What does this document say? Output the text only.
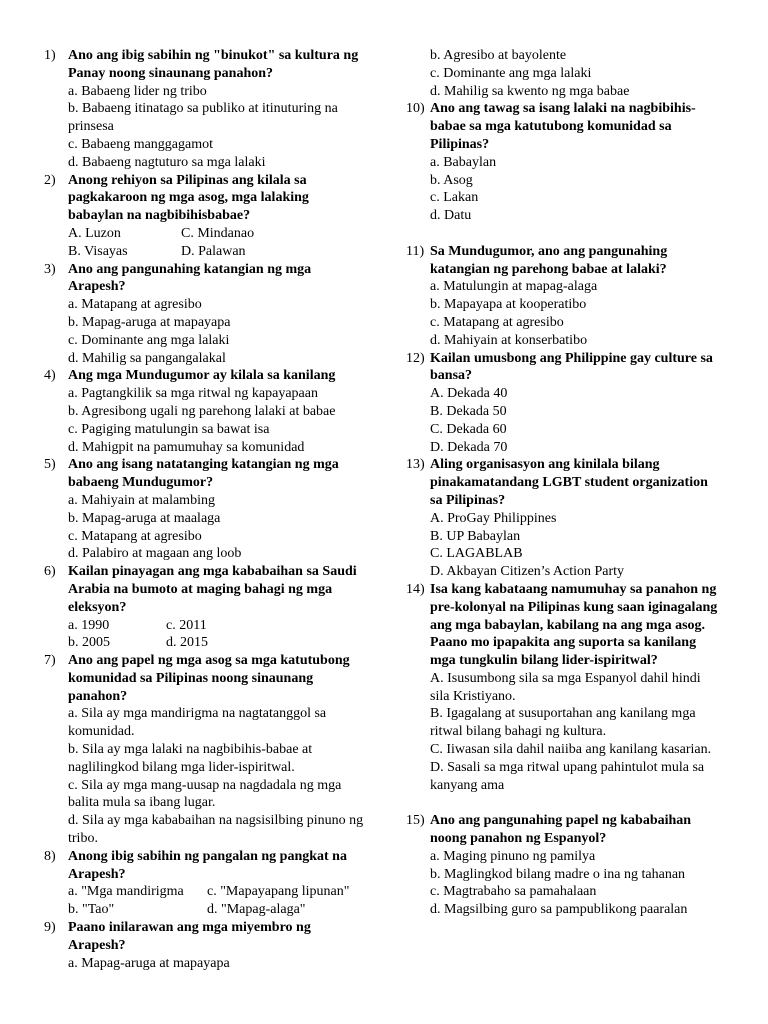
1) Ano ang ibig sabihin ng "binukot" sa kultura ng Panay noong sinaunang panahon?
a. Babaeng lider ng tribo
b. Babaeng itinatago sa publiko at itinuturing na prinsesa
c. Babaeng manggagamot
d. Babaeng nagtuturo sa mga lalaki
2) Anong rehiyon sa Pilipinas ang kilala sa pagkakaroon ng mga asog, mga lalaking babaylan na nagbibihisbabae?
A. Luzon	C. Mindanao
B. Visayas	D. Palawan
3) Ano ang pangunahing katangian ng mga Arapesh?
a. Matapang at agresibo
b. Mapag-aruga at mapayapa
c. Dominante ang mga lalaki
d. Mahilig sa pangangalakal
4) Ang mga Mundugumor ay kilala sa kanilang
a. Pagtangkilik sa mga ritwal ng kapayapaan
b. Agresibong ugali ng parehong lalaki at babae
c. Pagiging matulungin sa bawat isa
d. Mahigpit na pamumuhay sa komunidad
5) Ano ang isang natatanging katangian ng mga babaeng Mundugumor?
a. Mahiyain at malambing
b. Mapag-aruga at maalaga
c. Matapang at agresibo
d. Palabiro at magaan ang loob
6) Kailan pinayagan ang mga kababaihan sa Saudi Arabia na bumoto at maging bahagi ng mga eleksyon?
a. 1990	c. 2011
b. 2005	d. 2015
7) Ano ang papel ng mga asog sa mga katutubong komunidad sa Pilipinas noong sinaunang panahon?
a. Sila ay mga mandirigma na nagtatanggol sa komunidad.
b. Sila ay mga lalaki na nagbibihis-babae at naglilingkod bilang mga lider-ispiritwal.
c. Sila ay mga mang-uusap na nagdadala ng mga balita mula sa ibang lugar.
d. Sila ay mga kababaihan na nagsisilbing pinuno ng tribo.
8) Anong ibig sabihin ng pangalan ng pangkat na Arapesh?
a. "Mga mandirigma	c. "Mapayapang lipunan"
b. "Tao"	d. "Mapag-alaga"
9) Paano inilarawan ang mga miyembro ng Arapesh?
a. Mapag-aruga at mapayapa
b. Agresibo at bayolente
c. Dominante ang mga lalaki
d. Mahilig sa kwento ng mga babae
10) Ano ang tawag sa isang lalaki na nagbibihis-babae sa mga katutubong komunidad sa Pilipinas?
a. Babaylan
b. Asog
c. Lakan
d. Datu
11) Sa Mundugumor, ano ang pangunahing katangian ng parehong babae at lalaki?
a. Matulungin at mapag-alaga
b. Mapayapa at kooperatibo
c. Matapang at agresibo
d. Mahiyain at konserbatibo
12) Kailan umusbong ang Philippine gay culture sa bansa?
A. Dekada 40
B. Dekada 50
C. Dekada 60
D. Dekada 70
13) Aling organisasyon ang kinilala bilang pinakamatandang LGBT student organization sa Pilipinas?
A. ProGay Philippines
B. UP Babaylan
C. LAGABLAB
D. Akbayan Citizen’s Action Party
14) Isa kang kabataang namumuhay sa panahon ng pre-kolonyal na Pilipinas kung saan iginagalang ang mga babaylan, kabilang na ang mga asog. Paano mo ipapakita ang suporta sa kanilang mga tungkulin bilang lider-ispiritwal?
A. Isusumbong sila sa mga Espanyol dahil hindi sila Kristiyano.
B. Igagalang at susuportahan ang kanilang mga ritwal bilang bahagi ng kultura.
C. Iiwasan sila dahil naiiba ang kanilang kasarian.
D. Sasali sa mga ritwal upang pahintulot mula sa kanyang ama
15) Ano ang pangunahing papel ng kababaihan noong panahon ng Espanyol?
a. Maging pinuno ng pamilya
b. Maglingkod bilang madre o ina ng tahanan
c. Magtrabaho sa pamahalaan
d. Magsilbing guro sa pampublikong paaralan
